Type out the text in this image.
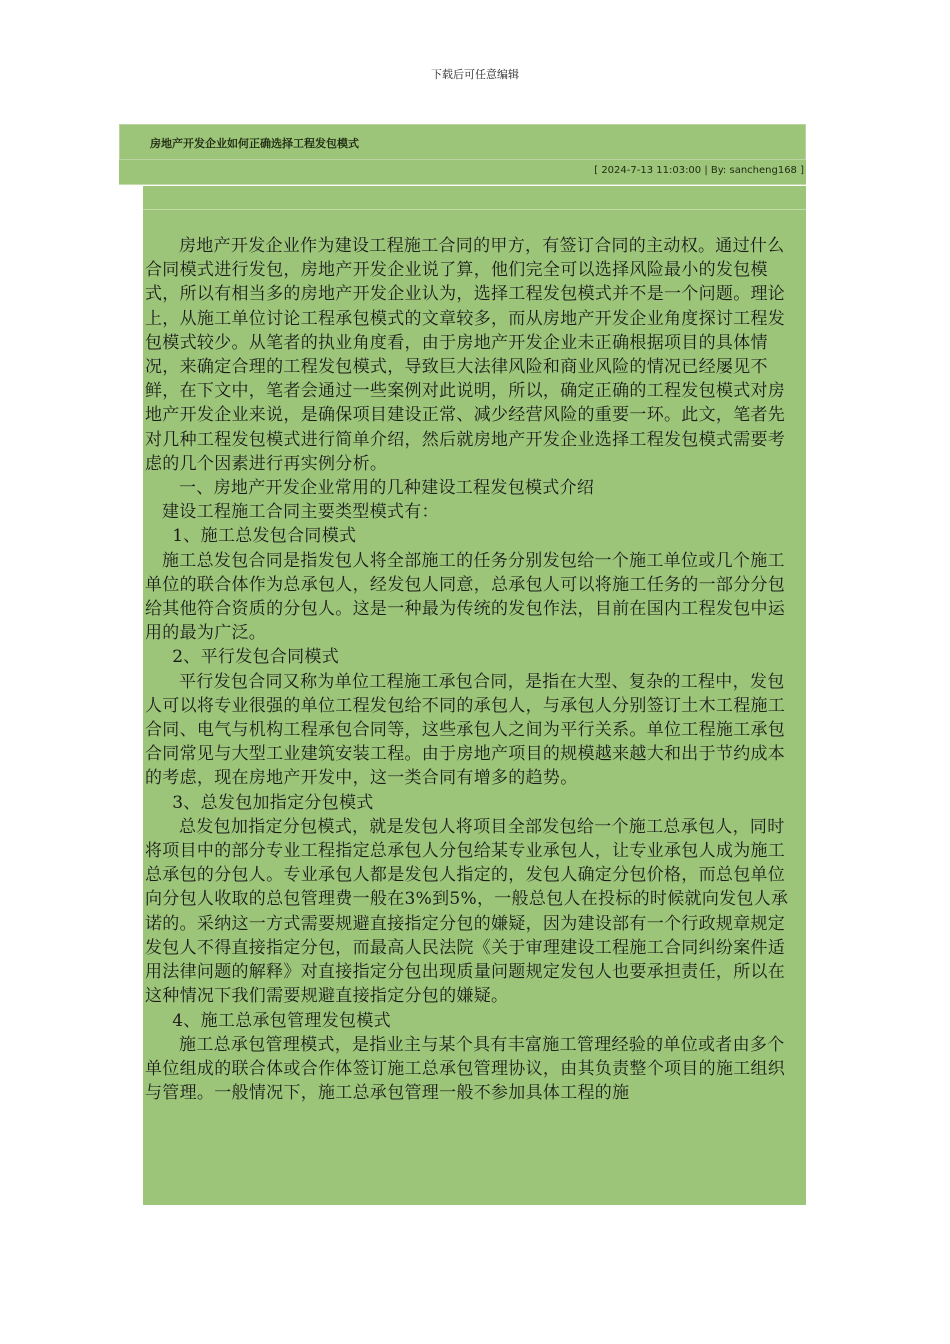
下载后可任意编辑
房地产开发企业如何正确选择工程发包模式
[ 2024-7-13 11:03:00 | By: sancheng168 ]

房地产开发企业作为建设工程施工合同的甲方，有签订合同的主动权。通过什么合同模式进行发包，房地产开发企业说了算，他们完全可以选择风险最小的发包模式，所以有相当多的房地产开发企业认为，选择工程发包模式并不是一个问题。理论上，从施工单位讨论工程承包模式的文章较多，而从房地产开发企业角度探讨工程发包模式较少。从笔者的执业角度看，由于房地产开发企业未正确根据项目的具体情况，来确定合理的工程发包模式，导致巨大法律风险和商业风险的情况已经屡见不鲜，在下文中，笔者会通过一些案例对此说明，所以，确定正确的工程发包模式对房地产开发企业来说，是确保项目建设正常、减少经营风险的重要一环。此文，笔者先对几种工程发包模式进行简单介绍，然后就房地产开发企业选择工程发包模式需要考虑的几个因素进行再实例分析。

一、房地产开发企业常用的几种建设工程发包模式介绍

建设工程施工合同主要类型模式有：

1、施工总发包合同模式

施工总发包合同是指发包人将全部施工的任务分别发包给一个施工单位或几个施工单位的联合体作为总承包人，经发包人同意，总承包人可以将施工任务的一部分分包给其他符合资质的分包人。这是一种最为传统的发包作法，目前在国内工程发包中运用的最为广泛。

2、平行发包合同模式

平行发包合同又称为单位工程施工承包合同，是指在大型、复杂的工程中，发包人可以将专业很强的单位工程发包给不同的承包人，与承包人分别签订土木工程施工合同、电气与机构工程承包合同等，这些承包人之间为平行关系。单位工程施工承包合同常见与大型工业建筑安装工程。由于房地产项目的规模越来越大和出于节约成本的考虑，现在房地产开发中，这一类合同有增多的趋势。

3、总发包加指定分包模式

总发包加指定分包模式，就是发包人将项目全部发包给一个施工总承包人，同时将项目中的部分专业工程指定总承包人分包给某专业承包人，让专业承包人成为施工总承包的分包人。专业承包人都是发包人指定的，发包人确定分包价格，而总包单位向分包人收取的总包管理费一般在3%到5%，一般总包人在投标的时候就向发包人承诺的。采纳这一方式需要规避直接指定分包的嫌疑，因为建设部有一个行政规章规定发包人不得直接指定分包，而最高人民法院《关于审理建设工程施工合同纠纷案件适用法律问题的解释》对直接指定分包出现质量问题规定发包人也要承担责任，所以在这种情况下我们需要规避直接指定分包的嫌疑。

4、施工总承包管理发包模式

施工总承包管理模式，是指业主与某个具有丰富施工管理经验的单位或者由多个单位组成的联合体或合作体签订施工总承包管理协议，由其负责整个项目的施工组织与管理。一般情况下，施工总承包管理一般不参加具体工程的施
